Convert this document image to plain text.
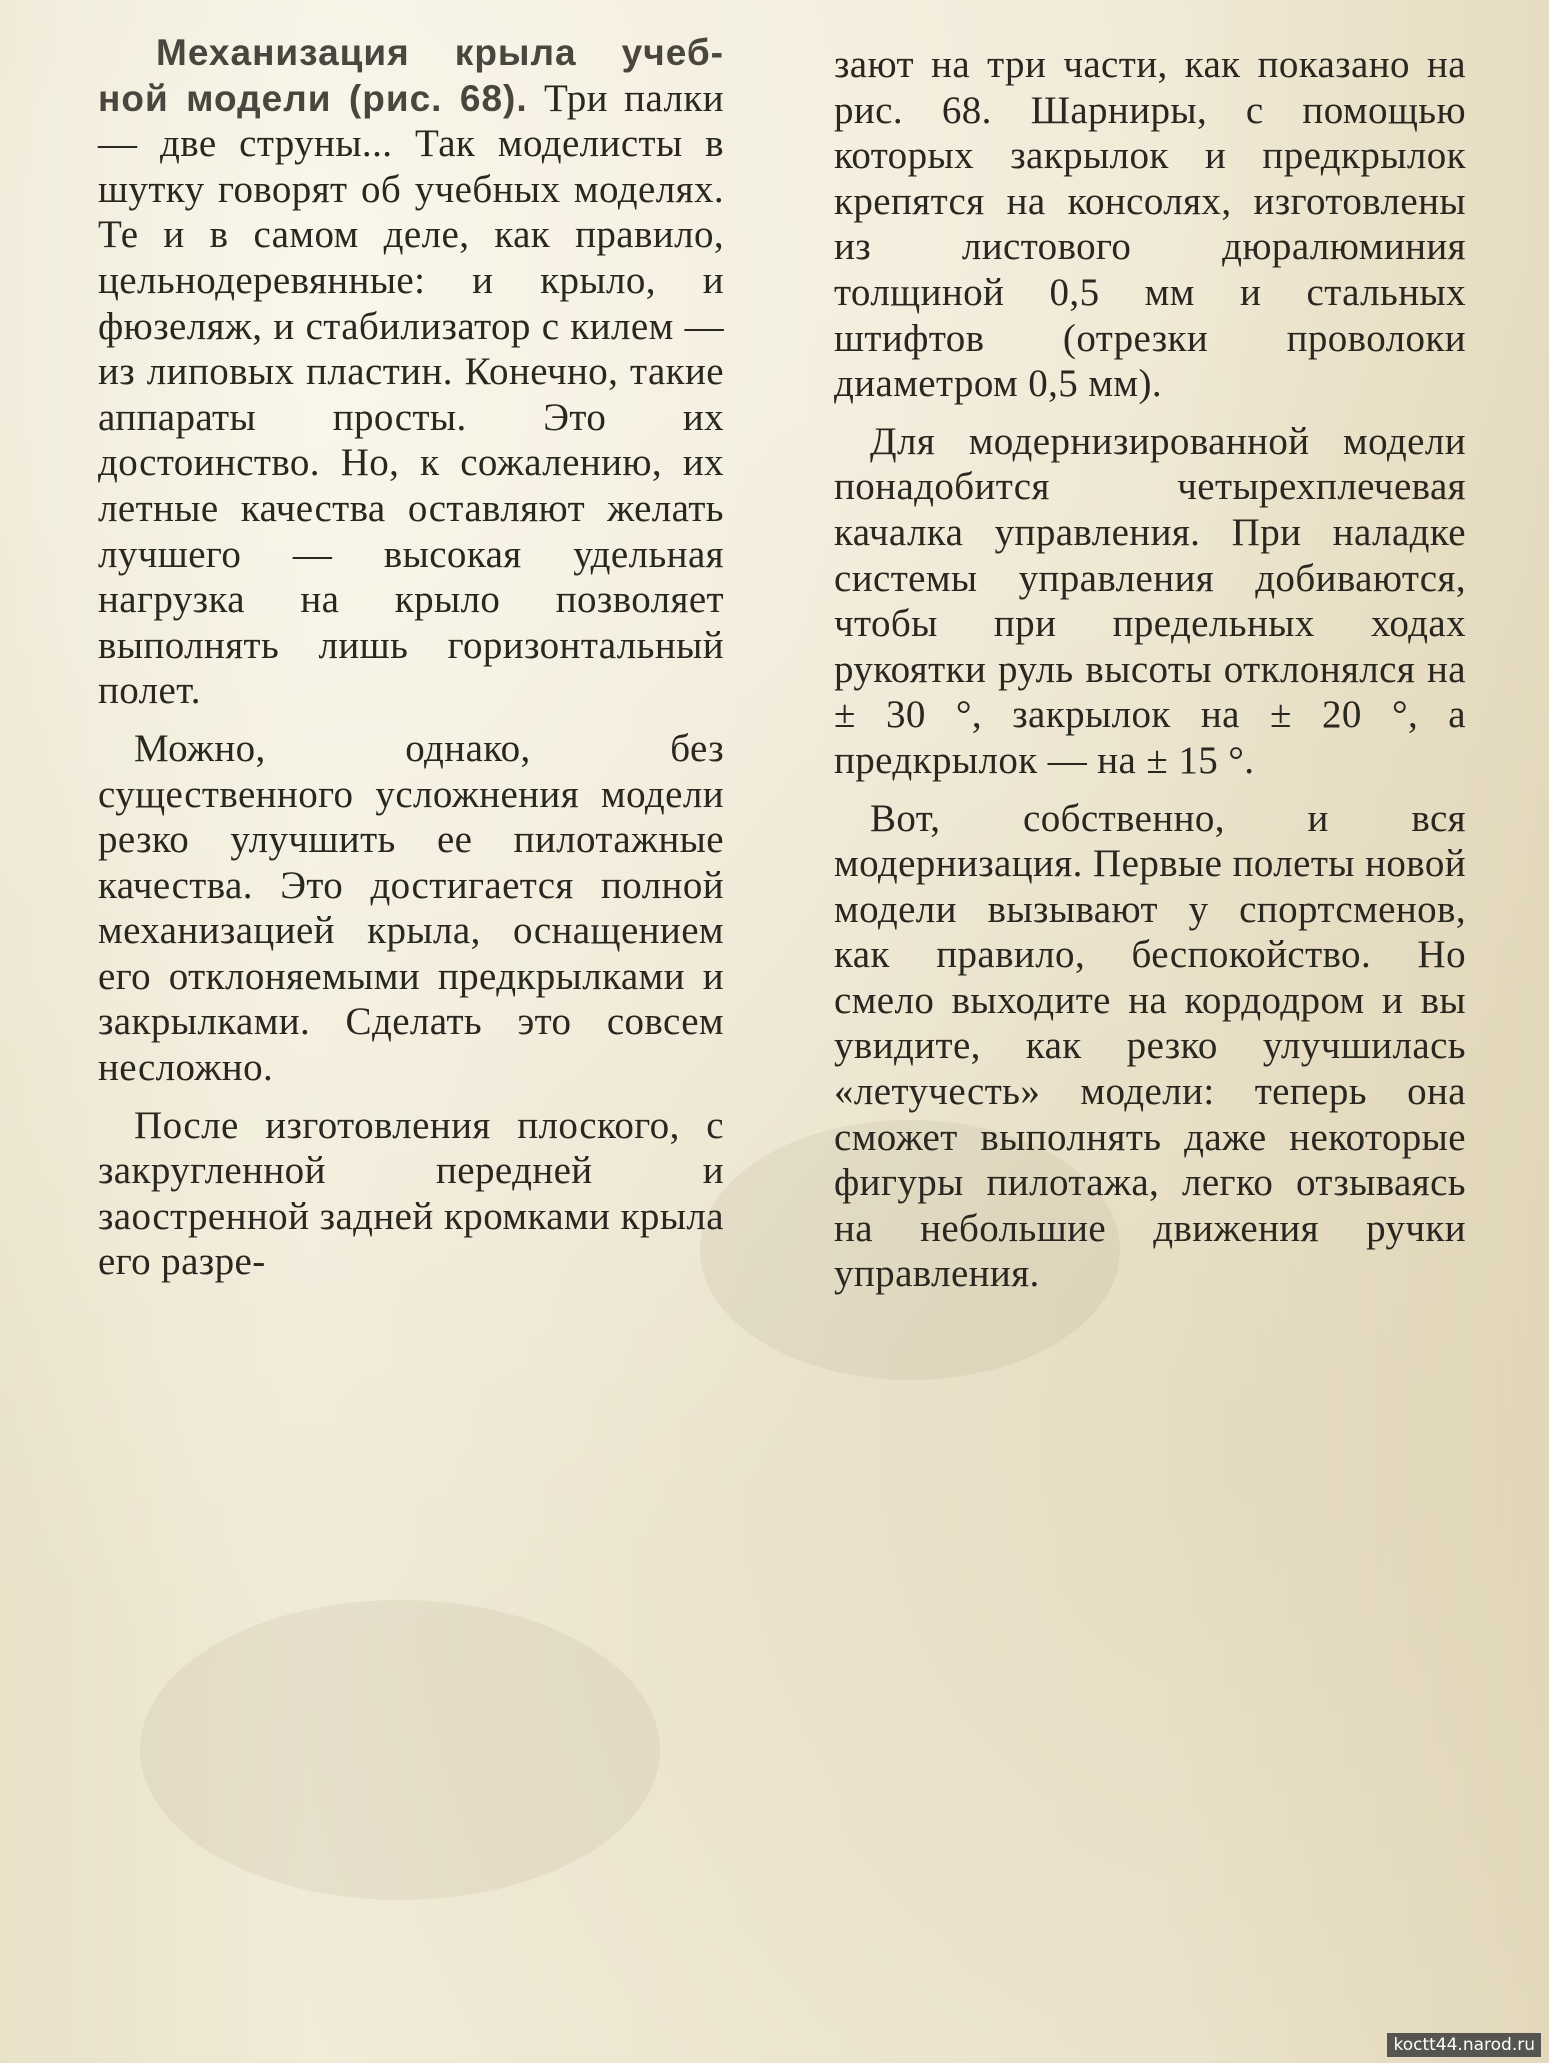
Механизация крыла учеб-ной модели (рис. 68). Три палки — две струны... Так моделисты в шутку говорят об учебных моделях. Те и в самом деле, как правило, цельнодеревянные: и крыло, и фюзеляж, и стабилизатор с килем — из липовых пластин. Конечно, такие аппараты просты. Это их достоинство. Но, к сожалению, их летные качества оставляют желать лучшего — высокая удельная нагрузка на крыло позволяет выполнять лишь горизонтальный полет.

Можно, однако, без существенного усложнения модели резко улучшить ее пилотажные качества. Это достигается полной механизацией крыла, оснащением его отклоняемыми предкрылками и закрылками. Сделать это совсем несложно.

После изготовления плоского, с закругленной передней и заостренной задней кромками крыла его разре-

зают на три части, как показано на рис. 68. Шарниры, с помощью которых закрылок и предкрылок крепятся на консолях, изготовлены из листового дюралюминия толщиной 0,5 мм и стальных штифтов (отрезки проволоки диаметром 0,5 мм).

Для модернизированной модели понадобится четырехплечевая качалка управления. При наладке системы управления добиваются, чтобы при предельных ходах рукоятки руль высоты отклонялся на ± 30 °, закрылок на ± 20 °, а предкрылок — на ± 15 °.

Вот, собственно, и вся модернизация. Первые полеты новой модели вызывают у спортсменов, как правило, беспокойство. Но смело выходите на кордодром и вы увидите, как резко улучшилась «летучесть» модели: теперь она сможет выполнять даже некоторые фигуры пилотажа, легко отзываясь на небольшие движения ручки управления.

koctt44.narod.ru
